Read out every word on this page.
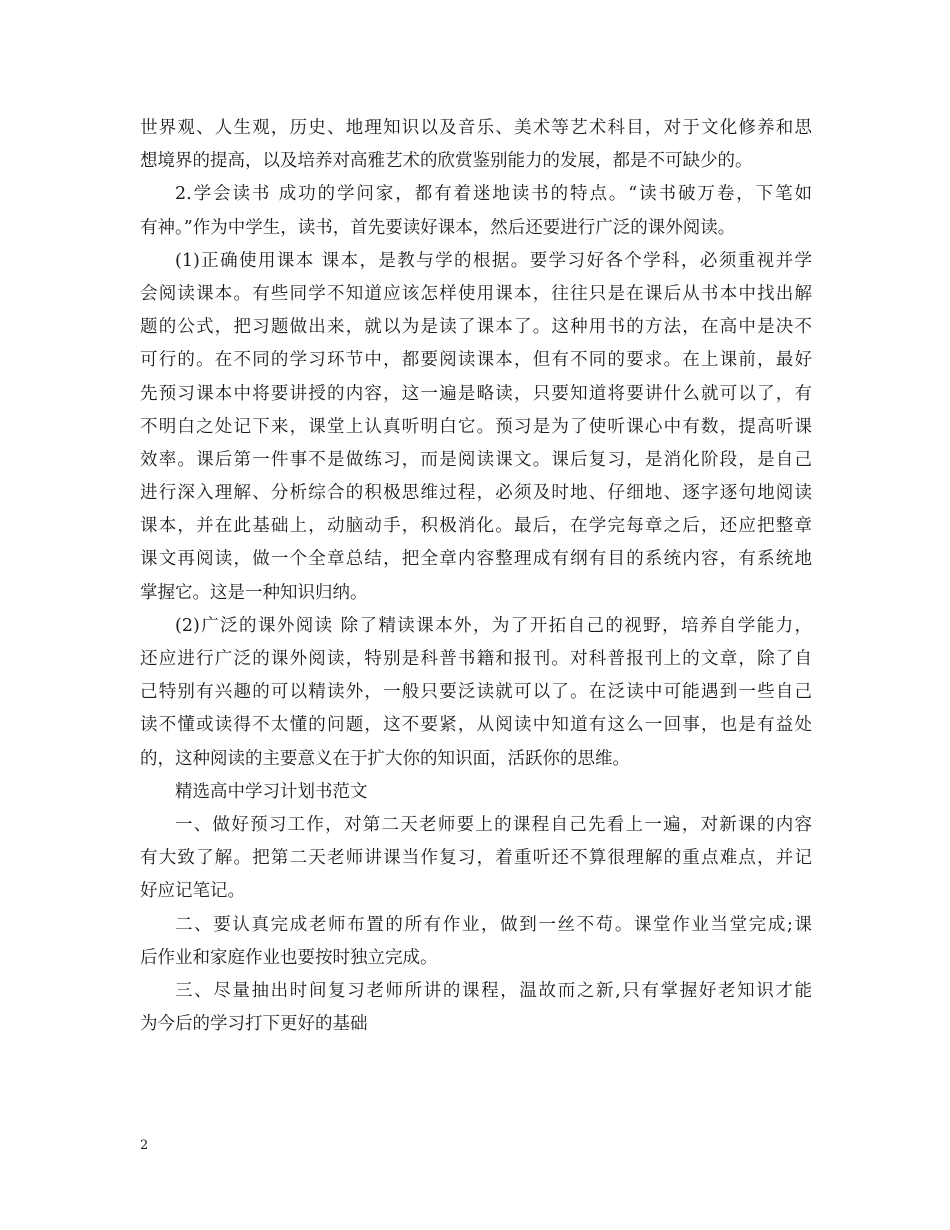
世界观、人生观，历史、地理知识以及音乐、美术等艺术科目，对于文化修养和思
想境界的提高，以及培养对高雅艺术的欣赏鉴别能力的发展，都是不可缺少的。
2.学会读书 成功的学问家，都有着迷地读书的特点。“读书破万卷，下笔如
有神。”作为中学生，读书，首先要读好课本，然后还要进行广泛的课外阅读。
(1)正确使用课本 课本，是教与学的根据。要学习好各个学科，必须重视并学
会阅读课本。有些同学不知道应该怎样使用课本，往往只是在课后从书本中找出解
题的公式，把习题做出来，就以为是读了课本了。这种用书的方法，在高中是决不
可行的。在不同的学习环节中，都要阅读课本，但有不同的要求。在上课前，最好
先预习课本中将要讲授的内容，这一遍是略读，只要知道将要讲什么就可以了，有
不明白之处记下来，课堂上认真听明白它。预习是为了使听课心中有数，提高听课
效率。课后第一件事不是做练习，而是阅读课文。课后复习，是消化阶段，是自己
进行深入理解、分析综合的积极思维过程，必须及时地、仔细地、逐字逐句地阅读
课本，并在此基础上，动脑动手，积极消化。最后，在学完每章之后，还应把整章
课文再阅读，做一个全章总结，把全章内容整理成有纲有目的系统内容，有系统地
掌握它。这是一种知识归纳。
(2)广泛的课外阅读 除了精读课本外，为了开拓自己的视野，培养自学能力，
还应进行广泛的课外阅读，特别是科普书籍和报刊。对科普报刊上的文章，除了自
己特别有兴趣的可以精读外，一般只要泛读就可以了。在泛读中可能遇到一些自己
读不懂或读得不太懂的问题，这不要紧，从阅读中知道有这么一回事，也是有益处
的，这种阅读的主要意义在于扩大你的知识面，活跃你的思维。
精选高中学习计划书范文
一、做好预习工作，对第二天老师要上的课程自己先看上一遍，对新课的内容
有大致了解。把第二天老师讲课当作复习，着重听还不算很理解的重点难点，并记
好应记笔记。
二、要认真完成老师布置的所有作业，做到一丝不苟。课堂作业当堂完成;课
后作业和家庭作业也要按时独立完成。
三、尽量抽出时间复习老师所讲的课程，温故而之新,只有掌握好老知识才能
为今后的学习打下更好的基础
2
